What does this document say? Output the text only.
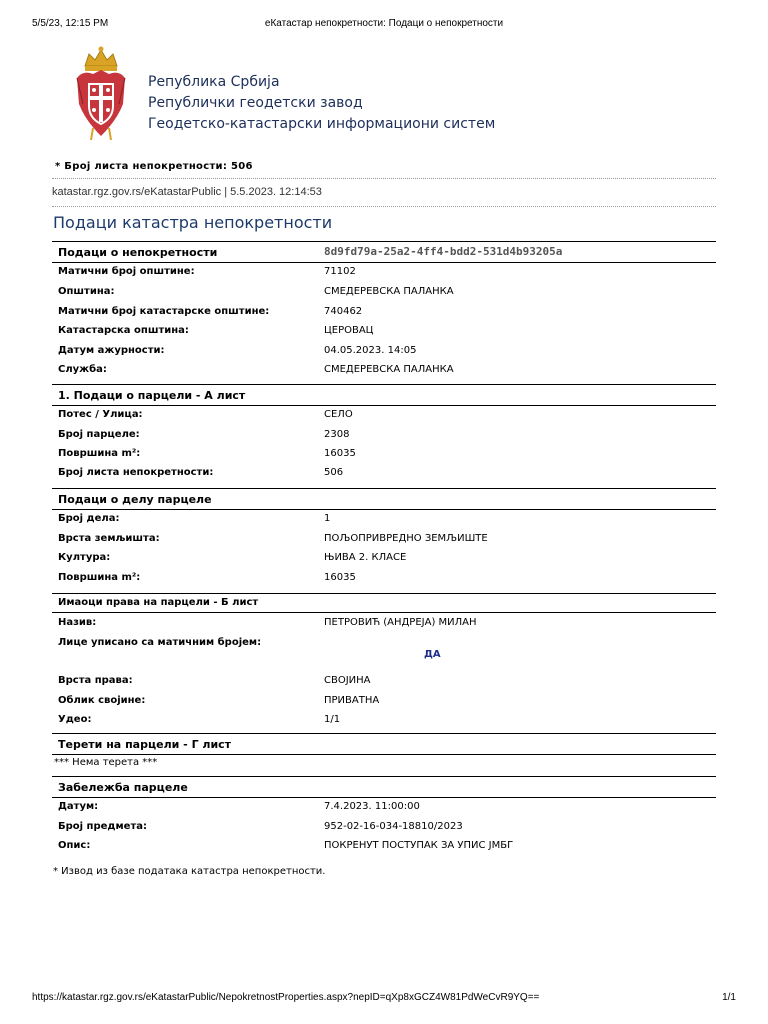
5/5/23, 12:15 PM	еКатастар непокретности: Подаци о непокретности
Република Србија
Републички геодетски завод
Геодетско-катастарски информациони систем
* Број листа непокретности: 506
katastar.rgz.gov.rs/eKatastarPublic | 5.5.2023. 12:14:53
Подаци катастра непокретности
Подаци о непокретности	8d9fd79a-25a2-4ff4-bdd2-531d4b93205a
Матични број општине:	71102
Општина:	СМЕДЕРЕВСКА ПАЛАНКА
Матични број катастарске општине:	740462
Катастарска општина:	ЦЕРОВАЦ
Датум ажурности:	04.05.2023. 14:05
Служба:	СМЕДЕРЕВСКА ПАЛАНКА
1. Подаци о парцели - А лист
Потес / Улица:	СЕЛО
Број парцеле:	2308
Површина m²:	16035
Број листа непокретности:	506
Подаци о делу парцеле
Број дела:	1
Врста земљишта:	ПОЉОПРИВРЕДНО ЗЕМЉИШТЕ
Култура:	ЊИВА 2. КЛАСЕ
Површина m²:	16035
Имаоци права на парцели - Б лист
Назив:	ПЕТРОВИЋ (АНДРЕЈА) МИЛАН
Лице уписано са матичним бројем:
ДА
Врста права:	СВОЈИНА
Облик својине:	ПРИВАТНА
Удео:	1/1
Терети на парцели - Г лист
*** Нема терета ***
Забележба парцеле
Датум:	7.4.2023. 11:00:00
Број предмета:	952-02-16-034-18810/2023
Опис:	ПОКРЕНУТ ПОСТУПАК ЗА УПИС ЈМБГ
* Извод из базе података катастра непокретности.
https://katastar.rgz.gov.rs/eKatastarPublic/NepokretnostProperties.aspx?nepID=qXp8xGCZ4W81PdWeCvR9YQ==	1/1
